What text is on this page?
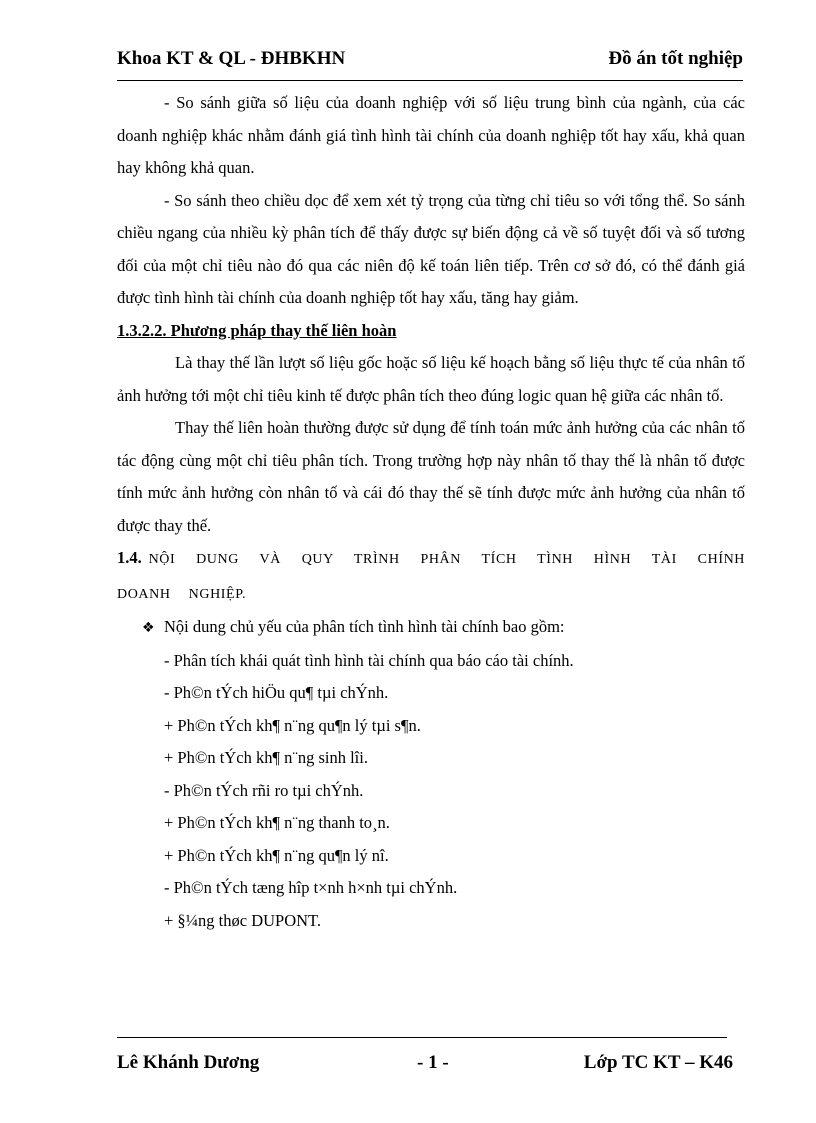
Khoa KT & QL - ĐHBKHN	Đồ án tốt nghiệp

- So sánh giữa số liệu của doanh nghiệp với số liệu trung bình của ngành, của các doanh nghiệp khác nhằm đánh giá tình hình tài chính của doanh nghiệp tốt hay xấu, khả quan hay không khả quan.

- So sánh theo chiều dọc để xem xét tỷ trọng của từng chỉ tiêu so với tổng thể. So sánh chiều ngang của nhiều kỳ phân tích để thấy được sự biến động cả về số tuyệt đối và số tương đối của một chỉ tiêu nào đó qua các niên độ kế toán liên tiếp. Trên cơ sở đó, có thể đánh giá được tình hình tài chính của doanh nghiệp tốt hay xấu, tăng hay giảm.

1.3.2.2. Phương pháp thay thế liên hoàn

Là thay thế lần lượt số liệu gốc hoặc số liệu kế hoạch bằng số liệu thực tế của nhân tố ảnh hưởng tới một chỉ tiêu kinh tế được phân tích theo đúng logic quan hệ giữa các nhân tố.

Thay thế liên hoàn thường được sử dụng để tính toán mức ảnh hưởng của các nhân tố tác động cùng một chỉ tiêu phân tích. Trong trường hợp này nhân tố thay thế là nhân tố được tính mức ảnh hưởng còn nhân tố và cái đó thay thế sẽ tính được mức ảnh hưởng của nhân tố được thay thế.

1.4. NỘI DUNG VÀ QUY TRÌNH PHÂN TÍCH TÌNH HÌNH TÀI CHÍNH DOANH NGHIỆP.

❖ Nội dung chủ yếu của phân tích tình hình tài chính bao gồm:

- Phân tích khái quát tình hình tài chính qua báo cáo tài chính.

- Ph©n tÝch hiÖu qu¶ tµi chÝnh.

+ Ph©n tÝch kh¶ n¨ng qu¶n lý tµi s¶n.

+ Ph©n tÝch kh¶ n¨ng sinh lîi.

- Ph©n tÝch rñi ro tµi chÝnh.

+ Ph©n tÝch kh¶ n¨ng thanh to¸n.

+ Ph©n tÝch kh¶ n¨ng qu¶n lý nî.

- Ph©n tÝch tæng hîp t×nh h×nh tµi chÝnh.

+ §¼ng thøc DUPONT.

Lê Khánh Dương	- 1 -	Lớp TC KT – K46
